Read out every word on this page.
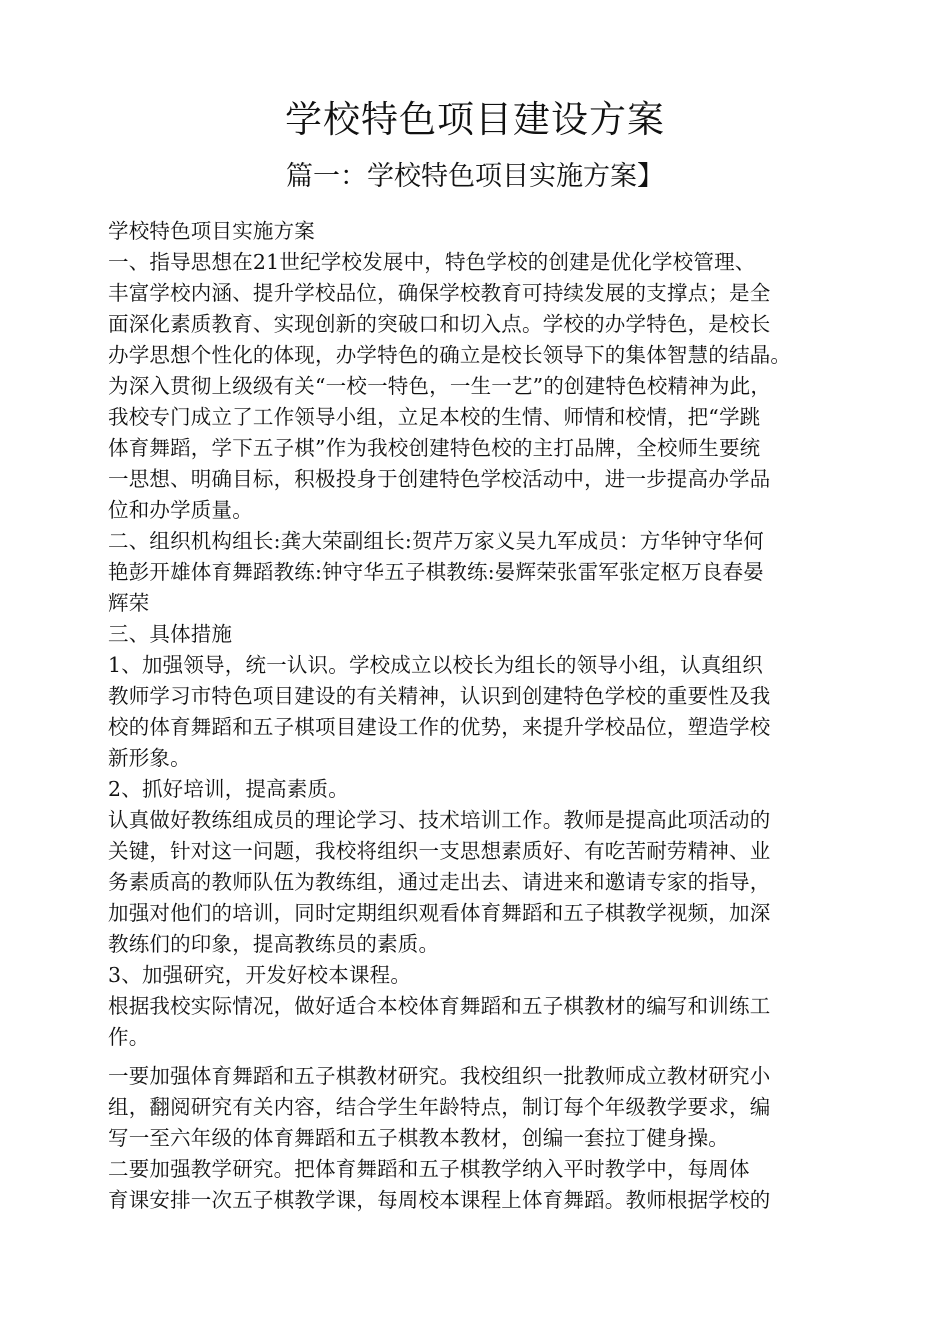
学校特色项目建设方案
篇一：学校特色项目实施方案】
学校特色项目实施方案
一、指导思想在21世纪学校发展中，特色学校的创建是优化学校管理、
丰富学校内涵、提升学校品位，确保学校教育可持续发展的支撑点；是全
面深化素质教育、实现创新的突破口和切入点。学校的办学特色，是校长
办学思想个性化的体现，办学特色的确立是校长领导下的集体智慧的结晶。
为深入贯彻上级级有关“一校一特色，一生一艺”的创建特色校精神为此，
我校专门成立了工作领导小组，立足本校的生情、师情和校情，把“学跳
体育舞蹈，学下五子棋”作为我校创建特色校的主打品牌，全校师生要统
一思想、明确目标，积极投身于创建特色学校活动中，进一步提高办学品
位和办学质量。
二、组织机构组长:龚大荣副组长:贺芹万家义吴九军成员：方华钟守华何
艳彭开雄体育舞蹈教练:钟守华五子棋教练:晏辉荣张雷军张定枢万良春晏
辉荣
三、具体措施
1、加强领导，统一认识。学校成立以校长为组长的领导小组，认真组织
教师学习市特色项目建设的有关精神，认识到创建特色学校的重要性及我
校的体育舞蹈和五子棋项目建设工作的优势，来提升学校品位，塑造学校
新形象。
2、抓好培训，提高素质。
认真做好教练组成员的理论学习、技术培训工作。教师是提高此项活动的
关键，针对这一问题，我校将组织一支思想素质好、有吃苦耐劳精神、业
务素质高的教师队伍为教练组，通过走出去、请进来和邀请专家的指导，
加强对他们的培训，同时定期组织观看体育舞蹈和五子棋教学视频，加深
教练们的印象，提高教练员的素质。
3、加强研究，开发好校本课程。
根据我校实际情况，做好适合本校体育舞蹈和五子棋教材的编写和训练工
作。
一要加强体育舞蹈和五子棋教材研究。我校组织一批教师成立教材研究小
组，翻阅研究有关内容，结合学生年龄特点，制订每个年级教学要求，编
写一至六年级的体育舞蹈和五子棋教本教材，创编一套拉丁健身操。
二要加强教学研究。把体育舞蹈和五子棋教学纳入平时教学中，每周体
育课安排一次五子棋教学课，每周校本课程上体育舞蹈。教师根据学校的
